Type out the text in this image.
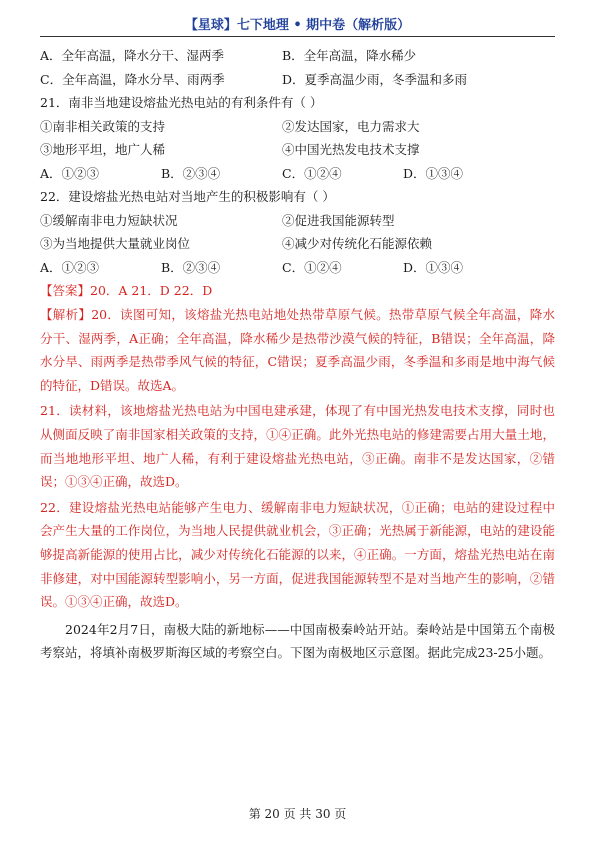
【星球】七下地理 • 期中卷（解析版）
A．全年高温，降水分干、湿两季	B．全年高温，降水稀少
C．全年高温，降水分旱、雨两季	D．夏季高温少雨，冬季温和多雨
21．南非当地建设熔盐光热电站的有利条件有（ ）
①南非相关政策的支持	②发达国家，电力需求大
③地形平坦，地广人稀	④中国光热发电技术支撑
A．①②③	B．②③④	C．①②④	D．①③④
22．建设熔盐光热电站对当地产生的积极影响有（ ）
①缓解南非电力短缺状况	②促进我国能源转型
③为当地提供大量就业岗位	④减少对传统化石能源依赖
A．①②③	B．②③④	C．①②④	D．①③④
【答案】20．A 21．D 22．D
【解析】20．读图可知，该熔盐光热电站地处热带草原气候。热带草原气候全年高温，降水分干、湿两季，A正确；全年高温，降水稀少是热带沙漠气候的特征，B错误；全年高温，降水分旱、雨两季是热带季风气候的特征，C错误；夏季高温少雨，冬季温和多雨是地中海气候的特征，D错误。故选A。
21．读材料，该地熔盐光热电站为中国电建承建，体现了有中国光热发电技术支撑，同时也从侧面反映了南非国家相关政策的支持，①④正确。此外光热电站的修建需要占用大量土地，而当地地形平坦、地广人稀，有利于建设熔盐光热电站，③正确。南非不是发达国家，②错误；①③④正确，故选D。
22．建设熔盐光热电站能够产生电力、缓解南非电力短缺状况，①正确；电站的建设过程中会产生大量的工作岗位，为当地人民提供就业机会，③正确；光热属于新能源，电站的建设能够提高新能源的使用占比，减少对传统化石能源的以来，④正确。一方面，熔盐光热电站在南非修建，对中国能源转型影响小，另一方面，促进我国能源转型不是对当地产生的影响，②错误。①③④正确，故选D。
2024年2月7日，南极大陆的新地标——中国南极秦岭站开站。秦岭站是中国第五个南极考察站，将填补南极罗斯海区域的考察空白。下图为南极地区示意图。据此完成23-25小题。
第 20 页 共 30 页
